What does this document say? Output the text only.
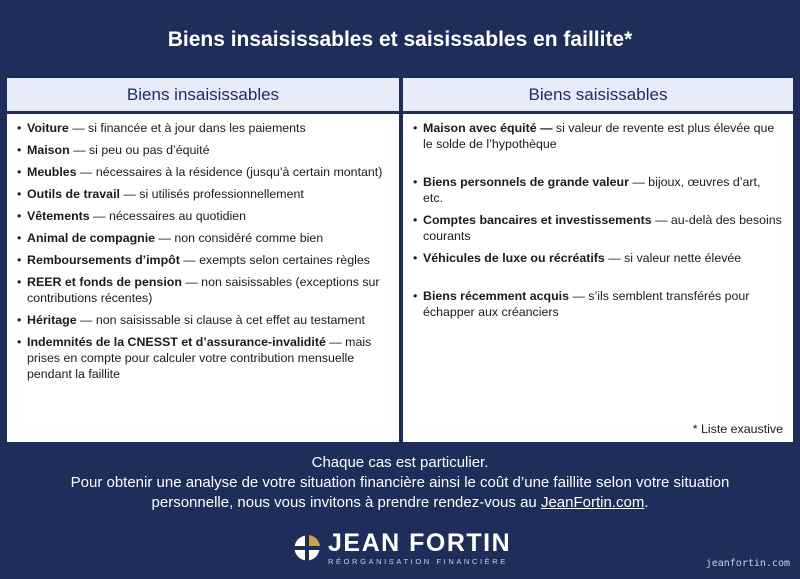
Biens insaisissables et saisissables en faillite*
Biens insaisissables
• Voiture — si financée et à jour dans les paiements
• Maison — si peu ou pas d’équité
• Meubles — nécessaires à la résidence (jusqu’à certain montant)
• Outils de travail — si utilisés professionnellement
• Vêtements — nécessaires au quotidien
• Animal de compagnie — non considéré comme bien
• Remboursements d’impôt — exempts selon certaines règles
• REER et fonds de pension — non saisissables (exceptions sur contributions récentes)
• Héritage — non saisissable si clause à cet effet au testament
• Indemnités de la CNESST et d’assurance-invalidité — mais prises en compte pour calculer votre contribution mensuelle pendant la faillite
Biens saisissables
• Maison avec équité — si valeur de revente est plus élevée que le solde de l’hypothèque
• Biens personnels de grande valeur — bijoux, œuvres d’art, etc.
• Comptes bancaires et investissements — au-delà des besoins courants
• Véhicules de luxe ou récréatifs — si valeur nette élevée
• Biens récemment acquis — s’ils semblent transférés pour échapper aux créanciers
* Liste exaustive
Chaque cas est particulier.
Pour obtenir une analyse de votre situation financière ainsi le coût d’une faillite selon votre situation
personnelle, nous vous invitons à prendre rendez-vous au JeanFortin.com.
JEAN FORTIN
RÉORGANISATION FINANCIÈRE	jeanfortin.com
